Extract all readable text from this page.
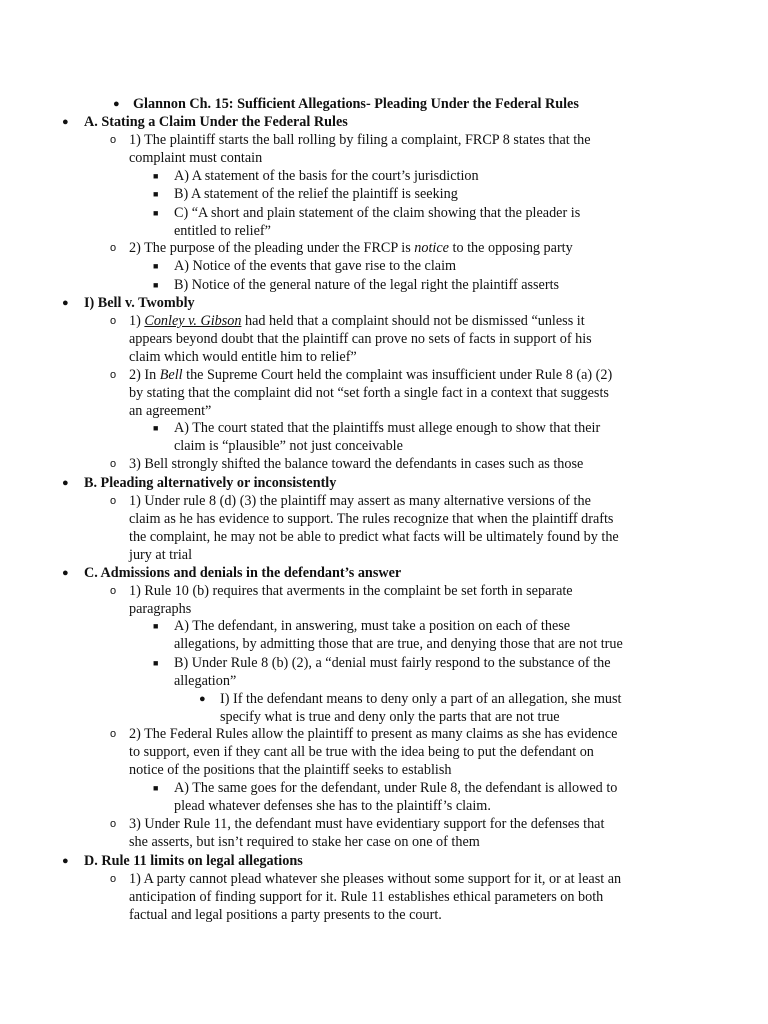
● Glannon Ch. 15: Sufficient Allegations- Pleading Under the Federal Rules
● A. Stating a Claim Under the Federal Rules
o 1) The plaintiff starts the ball rolling by filing a complaint, FRCP 8 states that the
complaint must contain
■ A) A statement of the basis for the court’s jurisdiction
■ B) A statement of the relief the plaintiff is seeking
■ C) “A short and plain statement of the claim showing that the pleader is
entitled to relief”
o 2) The purpose of the pleading under the FRCP is notice to the opposing party
■ A) Notice of the events that gave rise to the claim
■ B) Notice of the general nature of the legal right the plaintiff asserts
● I) Bell v. Twombly
o 1) Conley v. Gibson had held that a complaint should not be dismissed “unless it
appears beyond doubt that the plaintiff can prove no sets of facts in support of his
claim which would entitle him to relief”
o 2) In Bell the Supreme Court held the complaint was insufficient under Rule 8 (a) (2)
by stating that the complaint did not “set forth a single fact in a context that suggests
an agreement”
■ A) The court stated that the plaintiffs must allege enough to show that their
claim is “plausible” not just conceivable
o 3) Bell strongly shifted the balance toward the defendants in cases such as those
● B. Pleading alternatively or inconsistently
o 1) Under rule 8 (d) (3) the plaintiff may assert as many alternative versions of the
claim as he has evidence to support. The rules recognize that when the plaintiff drafts
the complaint, he may not be able to predict what facts will be ultimately found by the
jury at trial
● C. Admissions and denials in the defendant’s answer
o 1) Rule 10 (b) requires that averments in the complaint be set forth in separate
paragraphs
■ A) The defendant, in answering, must take a position on each of these
allegations, by admitting those that are true, and denying those that are not true
■ B) Under Rule 8 (b) (2), a “denial must fairly respond to the substance of the
allegation”
● I) If the defendant means to deny only a part of an allegation, she must
specify what is true and deny only the parts that are not true
o 2) The Federal Rules allow the plaintiff to present as many claims as she has evidence
to support, even if they cant all be true with the idea being to put the defendant on
notice of the positions that the plaintiff seeks to establish
■ A) The same goes for the defendant, under Rule 8, the defendant is allowed to
plead whatever defenses she has to the plaintiff’s claim.
o 3) Under Rule 11, the defendant must have evidentiary support for the defenses that
she asserts, but isn’t required to stake her case on one of them
● D. Rule 11 limits on legal allegations
o 1) A party cannot plead whatever she pleases without some support for it, or at least an
anticipation of finding support for it. Rule 11 establishes ethical parameters on both
factual and legal positions a party presents to the court.
